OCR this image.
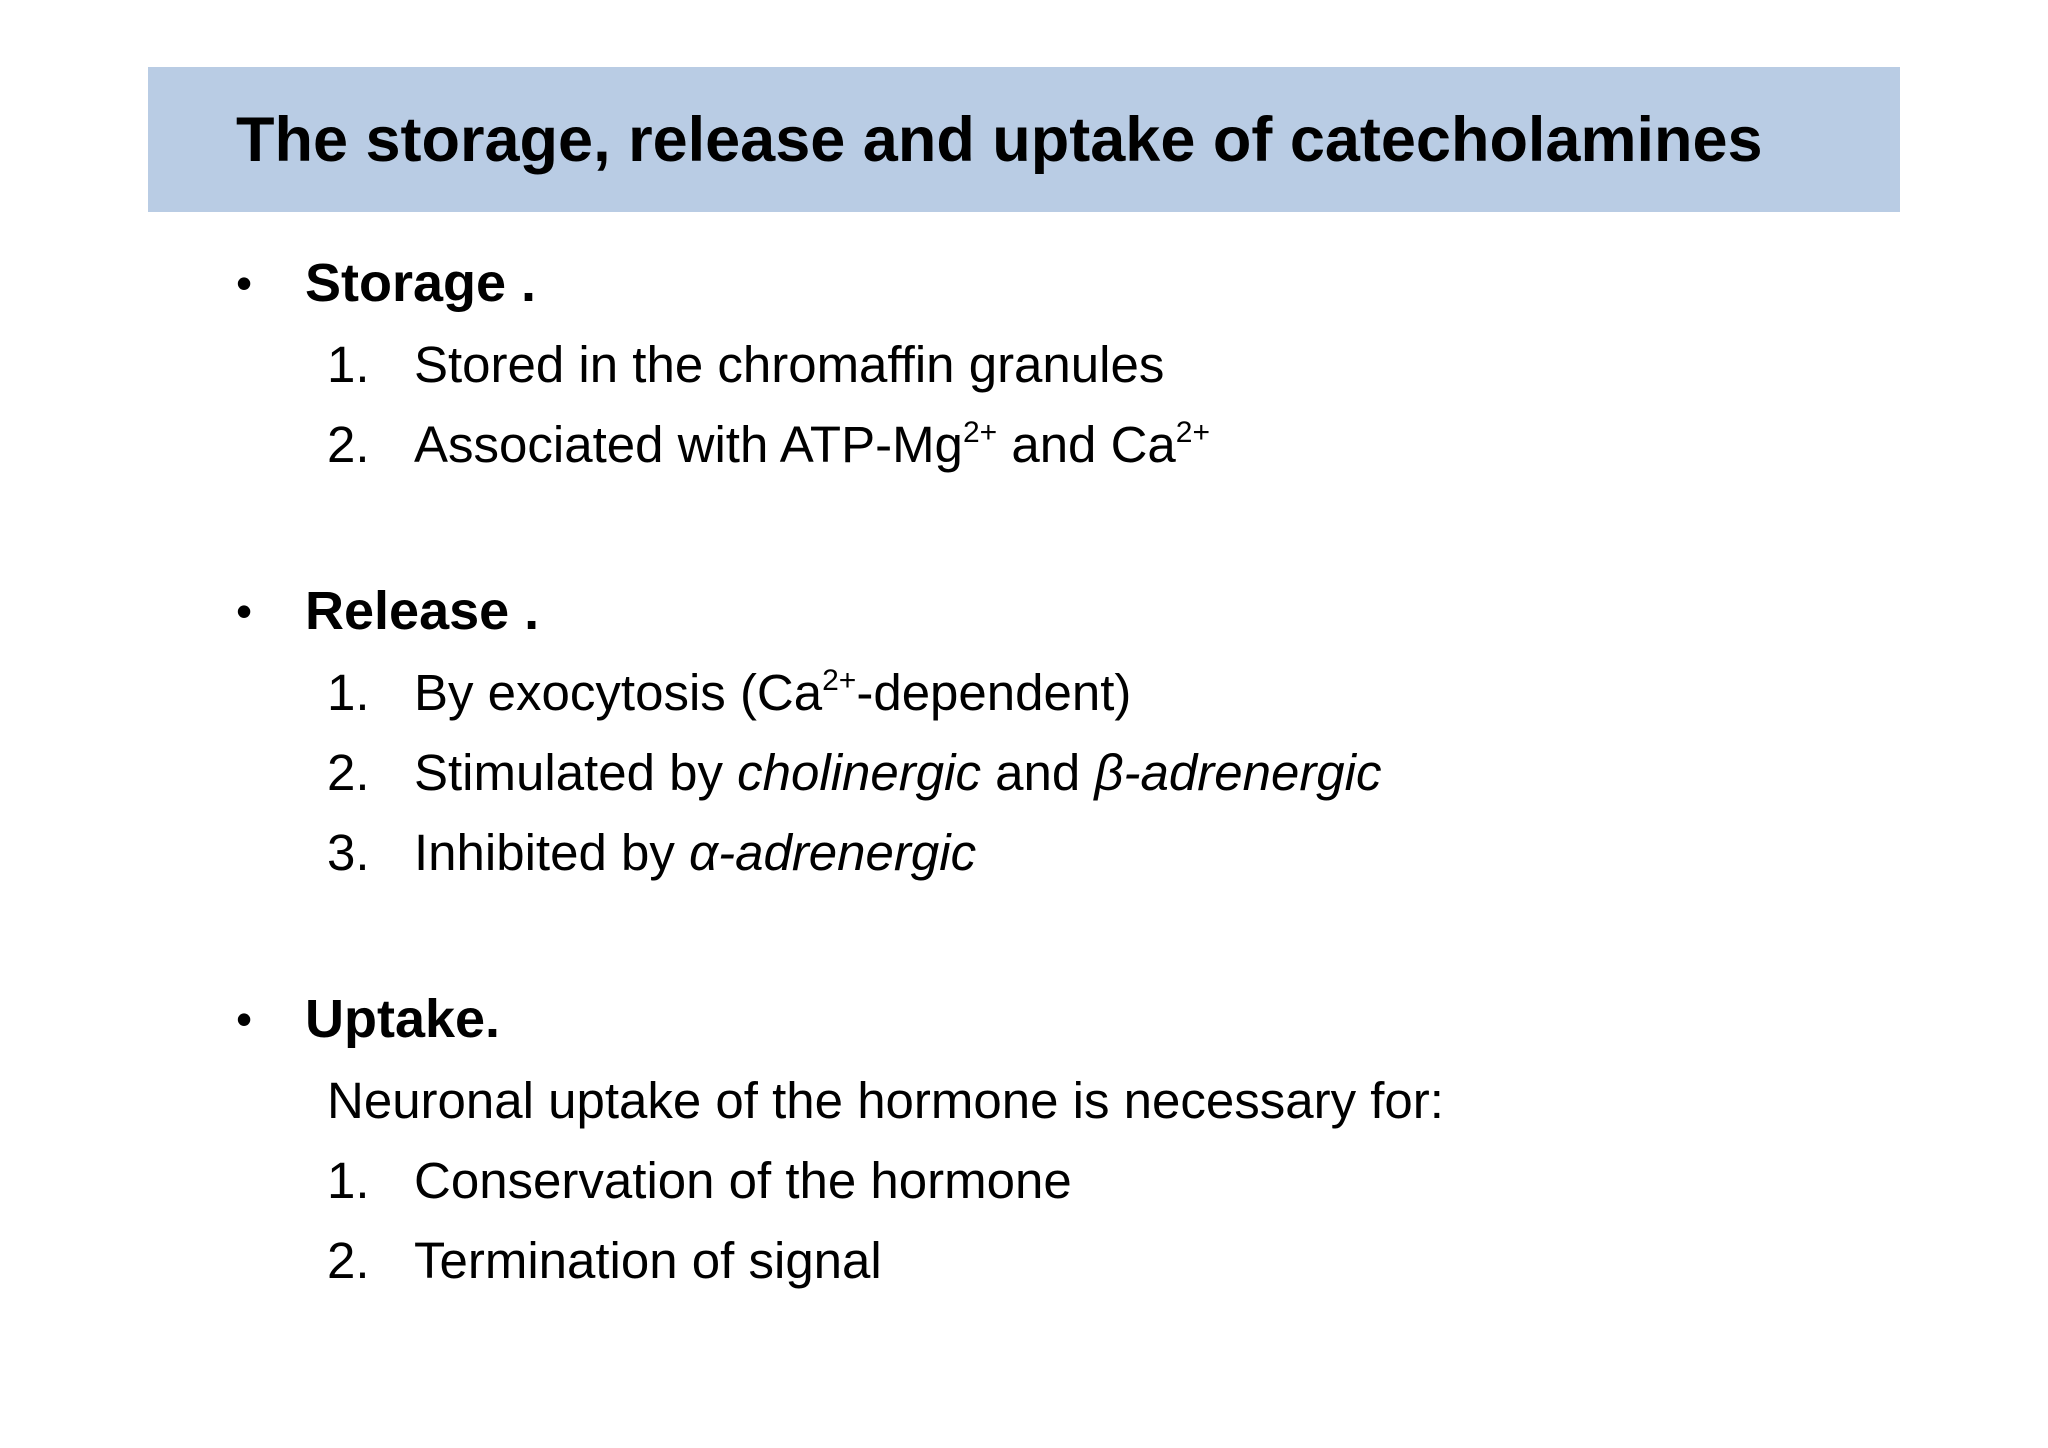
The storage, release and uptake of catecholamines
• Storage .
1. Stored in the chromaffin granules
2. Associated with ATP-$Mg^{2+}$ and $Ca^{2+}$
• Release .
1. By exocytosis $(Ca^{2+}-dependent)$
2. Stimulated by cholinergic and β-adrenergic
3. Inhibited by α-adrenergic
• Uptake.
Neuronal uptake of the hormone is necessary for:
1. Conservation of the hormone
2. Termination of signal
